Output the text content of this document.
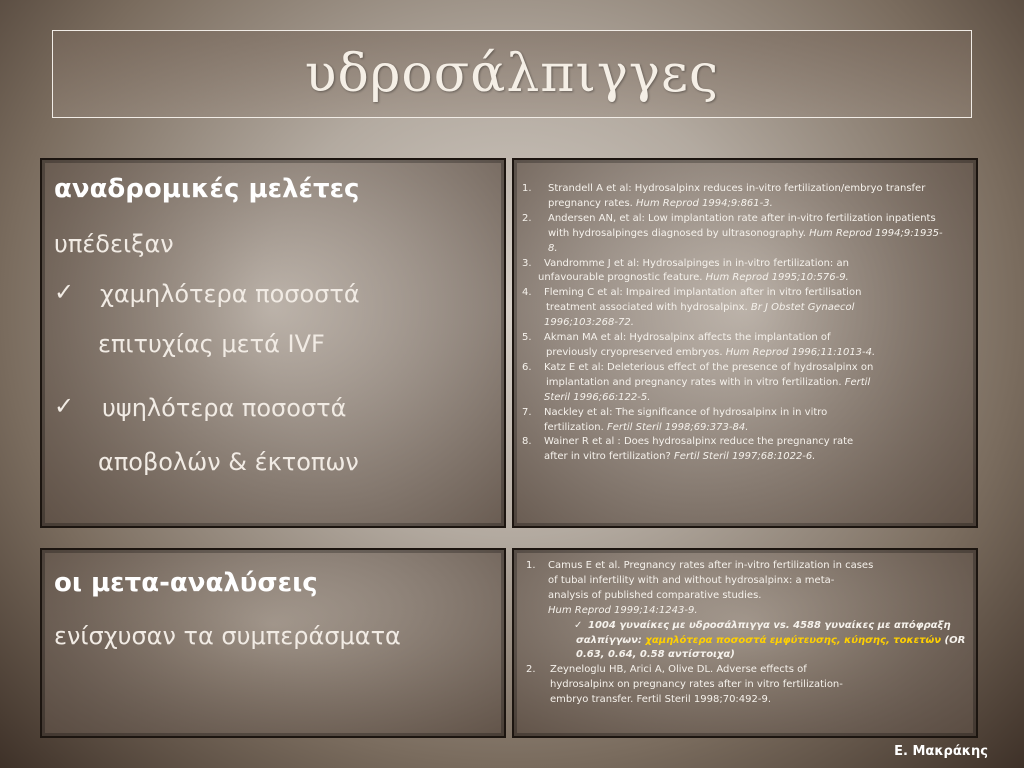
υδροσάλπιγγες
αναδρομικές μελέτες
υπέδειξαν
✓ χαμηλότερα ποσοστά
επιτυχίας μετά IVF
✓ υψηλότερα ποσοστά
αποβολών & έκτοπων
1.	Strandell A et al: Hydrosalpinx reduces in-vitro fertilization/embryo transfer
pregnancy rates. Hum Reprod 1994;9:861-3.
2.	Andersen AN, et al: Low implantation rate after in-vitro fertilization inpatients
with hydrosalpinges diagnosed by ultrasonography. Hum Reprod 1994;9:1935-
8.
3.	Vandromme J et al: Hydrosalpinges in in-vitro fertilization: an
unfavourable prognostic feature. Hum Reprod 1995;10:576-9.
4.	Fleming C et al: Impaired implantation after in vitro fertilisation
treatment associated with hydrosalpinx. Br J Obstet Gynaecol
1996;103:268-72.
5.	Akman MA et al: Hydrosalpinx affects the implantation of
previously cryopreserved embryos. Hum Reprod 1996;11:1013-4.
6.	Katz E et al: Deleterious effect of the presence of hydrosalpinx on
implantation and pregnancy rates with in vitro fertilization. Fertil
Steril 1996;66:122-5.
7.	Nackley et al: The significance of hydrosalpinx in in vitro
fertilization. Fertil Steril 1998;69:373-84.
8.	Wainer R et al : Does hydrosalpinx reduce the pregnancy rate
after in vitro fertilization? Fertil Steril 1997;68:1022-6.
οι μετα-αναλύσεις
ενίσχυσαν τα συμπεράσματα
1.	Camus E et al. Pregnancy rates after in-vitro fertilization in cases
of tubal infertility with and without hydrosalpinx: a meta-
analysis of published comparative studies.
Hum Reprod 1999;14:1243-9.
✓ 1004 γυναίκες με υδροσάλπιγγα vs. 4588 γυναίκες με απόφραξη
σαλπίγγων: χαμηλότερα ποσοστά εμφύτευσης, κύησης, τοκετών (OR
0.63, 0.64, 0.58 αντίστοιχα)
2.	Zeyneloglu HB, Arici A, Olive DL. Adverse effects of
hydrosalpinx on pregnancy rates after in vitro fertilization-
embryo transfer. Fertil Steril 1998;70:492-9.
Ε. Μακράκης
